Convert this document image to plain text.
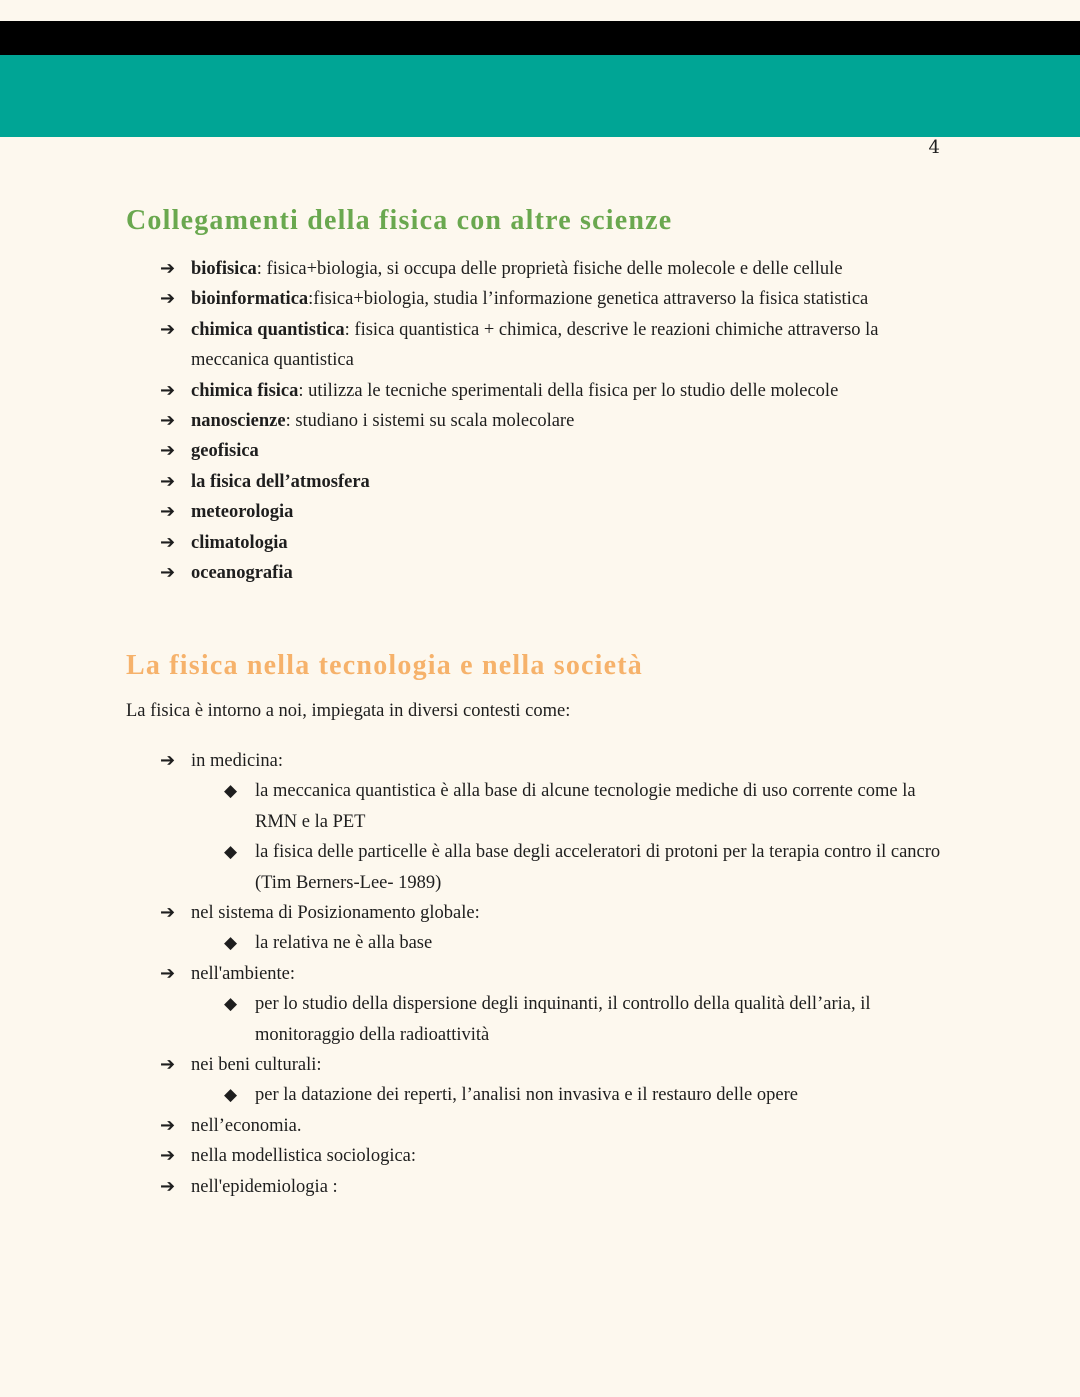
4
Collegamenti della fisica con altre scienze
➔ biofisica: fisica+biologia, si occupa delle proprietà fisiche delle molecole e delle cellule
➔ bioinformatica:fisica+biologia, studia l’informazione genetica attraverso la fisica statistica
➔ chimica quantistica: fisica quantistica + chimica, descrive le reazioni chimiche attraverso la meccanica quantistica
➔ chimica fisica: utilizza le tecniche sperimentali della fisica per lo studio delle molecole
➔ nanoscienze: studiano i sistemi su scala molecolare
➔ geofisica
➔ la fisica dell’atmosfera
➔ meteorologia
➔ climatologia
➔ oceanografia
La fisica nella tecnologia e nella società
La fisica è intorno a noi, impiegata in diversi contesti come:
➔ in medicina:
◆ la meccanica quantistica è alla base di alcune tecnologie mediche di uso corrente come la RMN e la PET
◆ la fisica delle particelle è alla base degli acceleratori di protoni per la terapia contro il cancro (Tim Berners-Lee- 1989)
➔ nel sistema di Posizionamento globale:
◆ la relativa ne è alla base
➔ nell'ambiente:
◆ per lo studio della dispersione degli inquinanti, il controllo della qualità dell’aria, il monitoraggio della radioattività
➔ nei beni culturali:
◆ per la datazione dei reperti, l’analisi non invasiva e il restauro delle opere
➔ nell’economia.
➔ nella modellistica sociologica:
➔ nell'epidemiologia :
